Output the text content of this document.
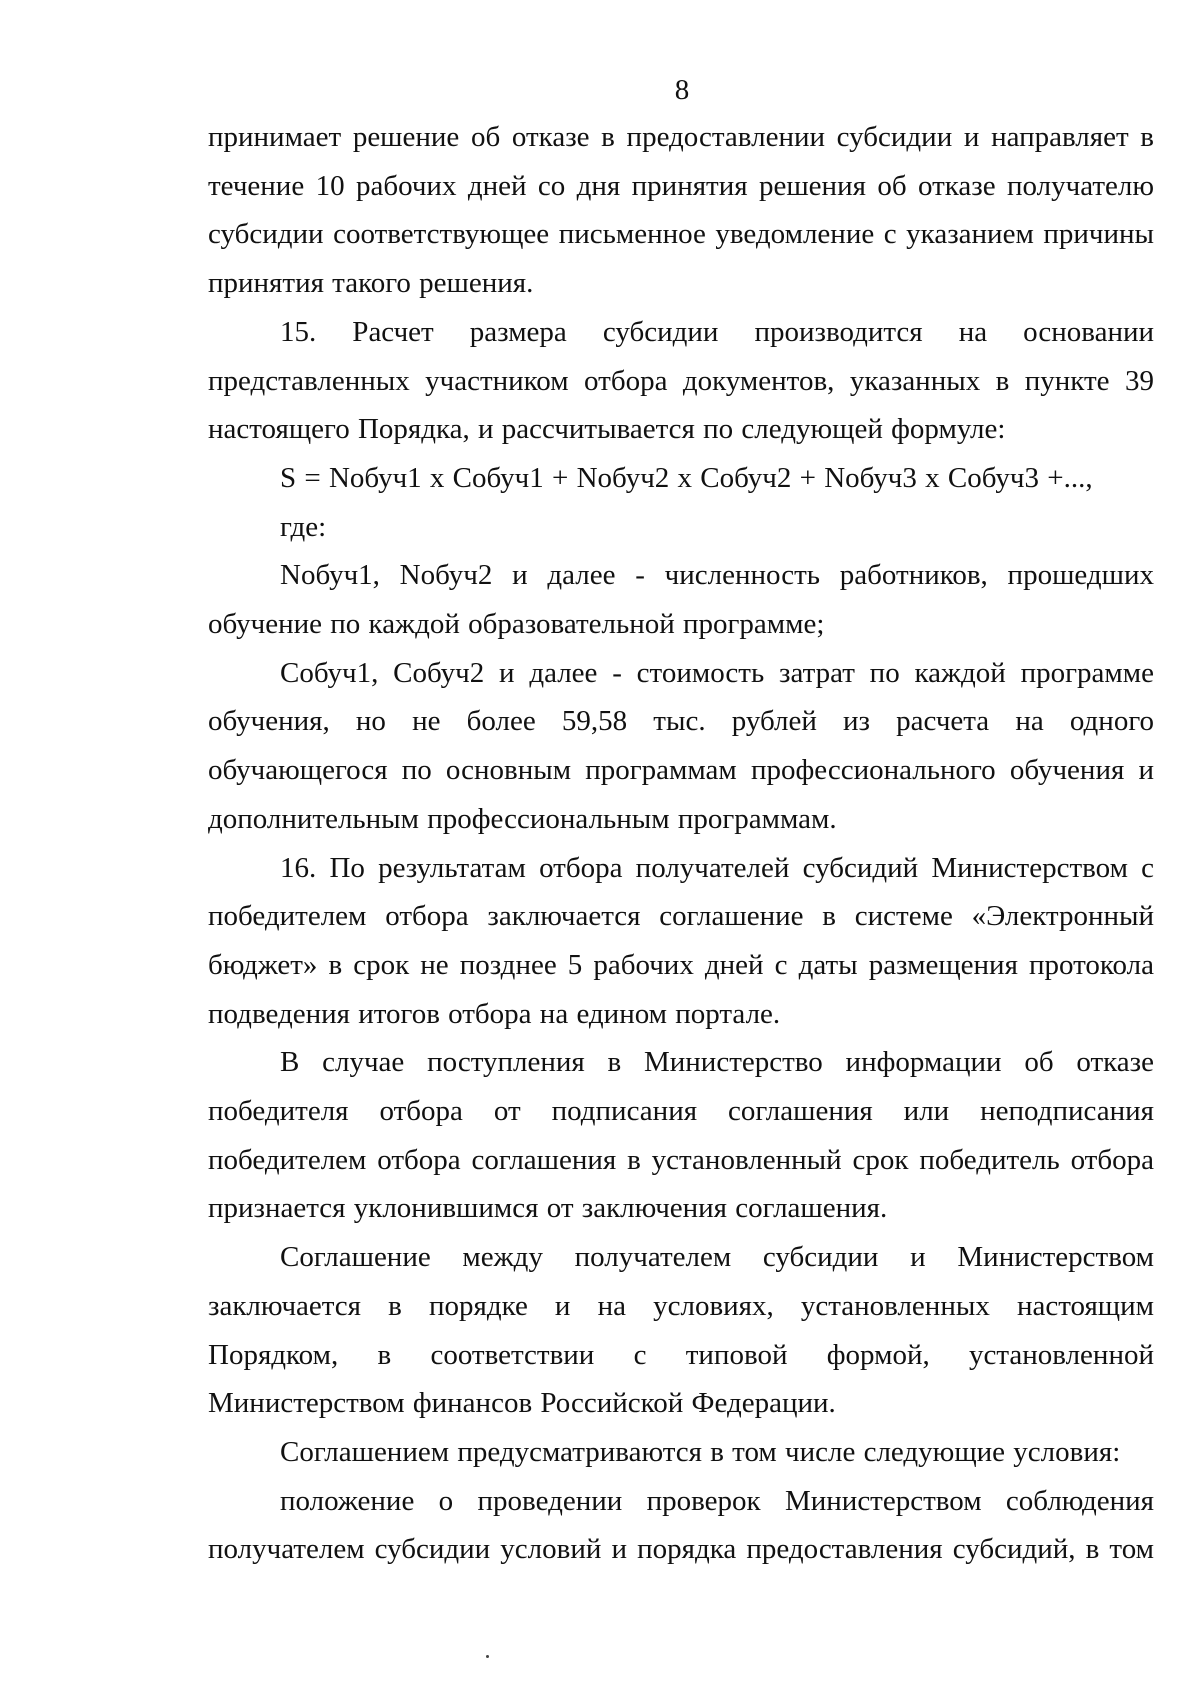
8

принимает решение об отказе в предоставлении субсидии и направляет в течение 10 рабочих дней со дня принятия решения об отказе получателю субсидии соответствующее письменное уведомление с указанием причины принятия такого решения.

15. Расчет размера субсидии производится на основании представленных участником отбора документов, указанных в пункте 39 настоящего Порядка, и рассчитывается по следующей формуле:

S = Nобуч1 x Cобуч1 + Nобуч2 x Cобуч2 + Nобуч3 x Cобуч3 +...,

где:

Nобуч1, Nобуч2 и далее - численность работников, прошедших обучение по каждой образовательной программе;

Cобуч1, Cобуч2 и далее - стоимость затрат по каждой программе обучения, но не более 59,58 тыс. рублей из расчета на одного обучающегося по основным программам профессионального обучения и дополнительным профессиональным программам.

16. По результатам отбора получателей субсидий Министерством с победителем отбора заключается соглашение в системе «Электронный бюджет» в срок не позднее 5 рабочих дней с даты размещения протокола подведения итогов отбора на едином портале.

В случае поступления в Министерство информации об отказе победителя отбора от подписания соглашения или неподписания победителем отбора соглашения в установленный срок победитель отбора признается уклонившимся от заключения соглашения.

Соглашение между получателем субсидии и Министерством заключается в порядке и на условиях, установленных настоящим Порядком, в соответствии с типовой формой, установленной Министерством финансов Российской Федерации.

Соглашением предусматриваются в том числе следующие условия:

положение о проведении проверок Министерством соблюдения получателем субсидии условий и порядка предоставления субсидий, в том
